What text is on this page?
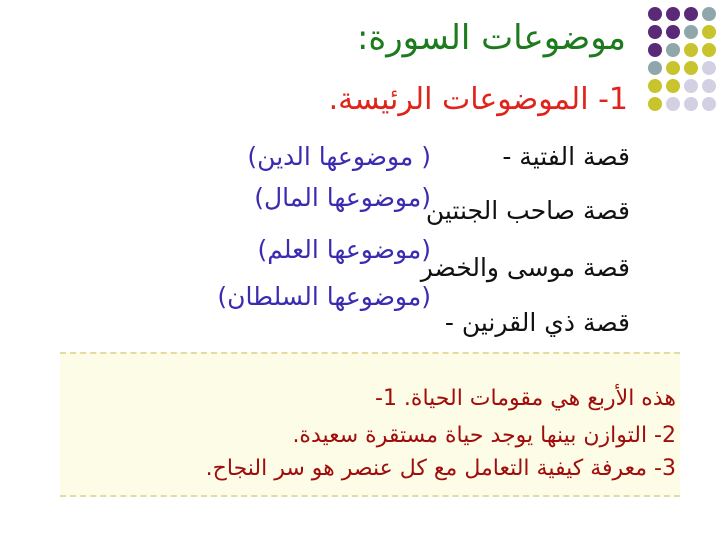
موضوعات السورة:
1- الموضوعات الرئيسة.
قصة الفتية -
( موضوعها الدين)
قصة صاحب الجنتين
(موضوعها المال)
قصة موسى والخضر
(موضوعها العلم)
قصة ذي القرنين -
(موضوعها السلطان)
هذه الأربع هي مقومات الحياة. 1-
2- التوازن بينها يوجد حياة مستقرة سعيدة.
3- معرفة كيفية التعامل مع كل عنصر هو سر النجاح.
